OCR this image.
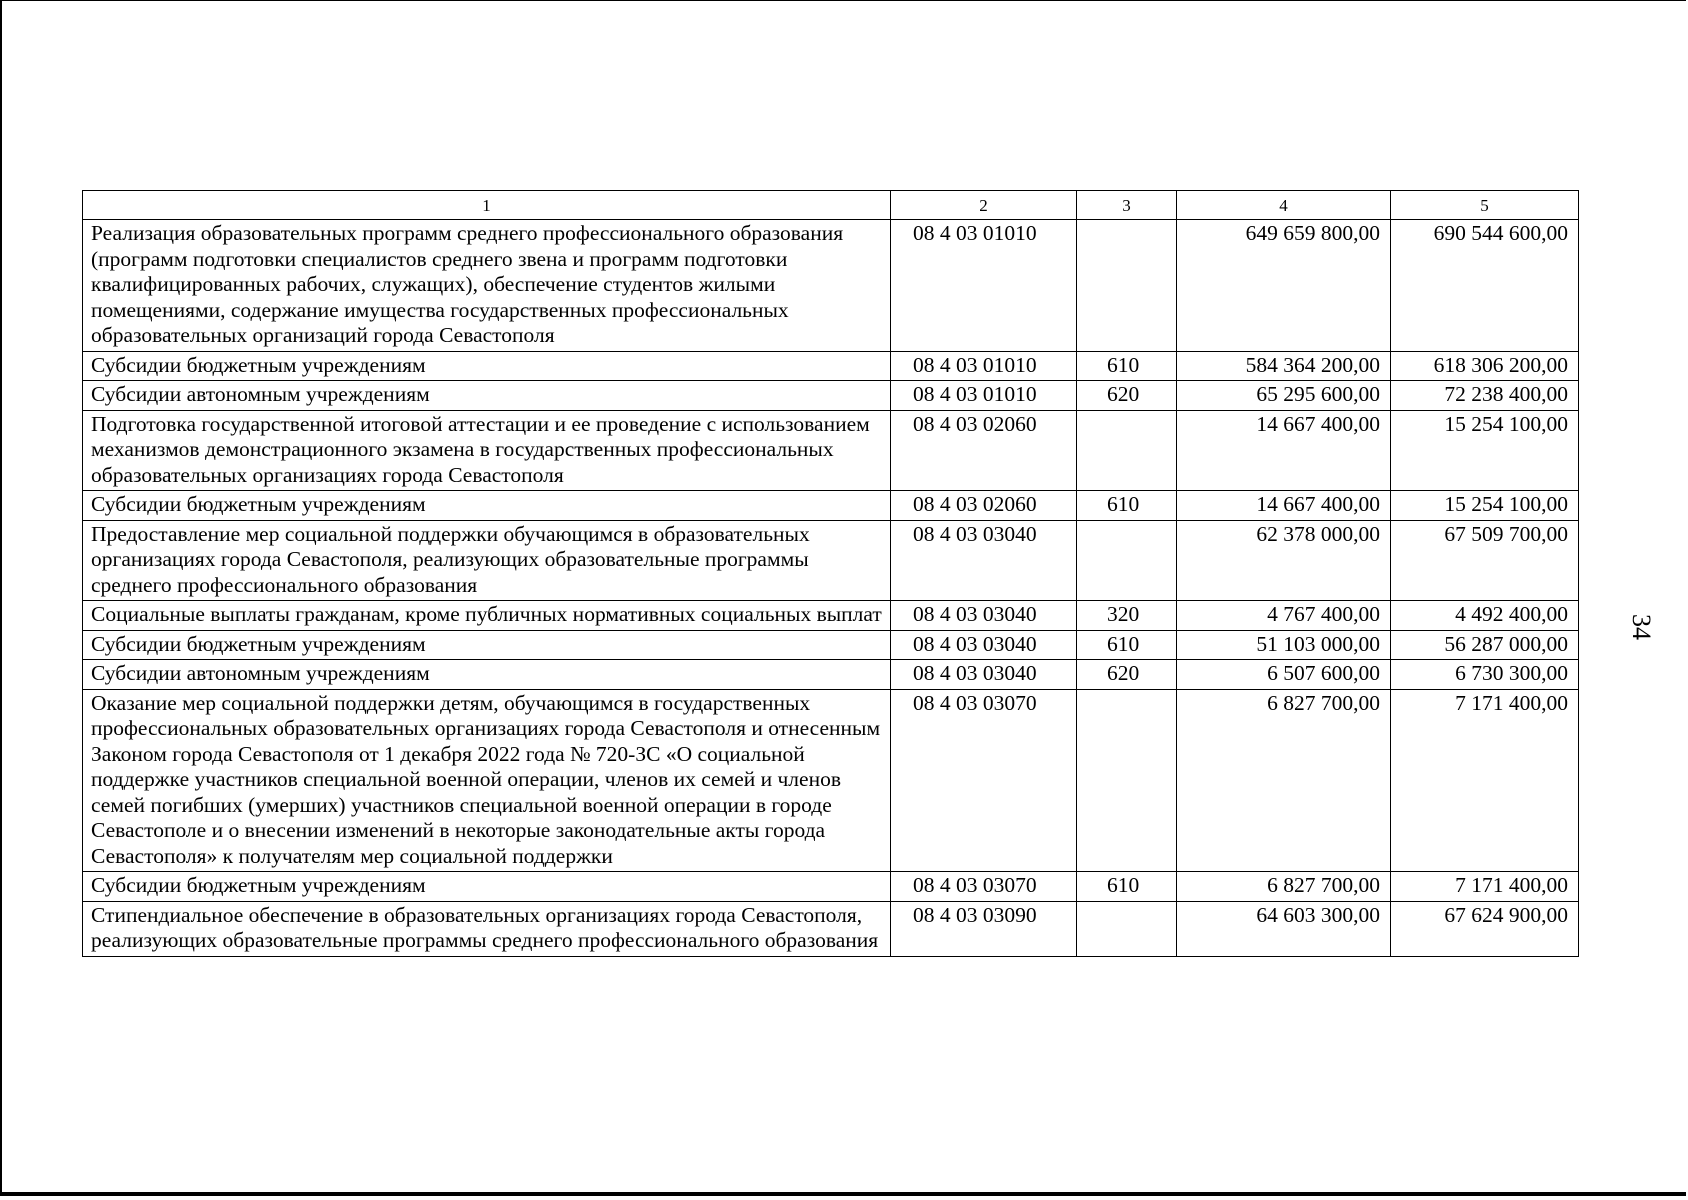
1	2	3	4	5
Реализация образовательных программ среднего профессионального образования (программ подготовки специалистов среднего звена и программ подготовки квалифицированных рабочих, служащих), обеспечение студентов жилыми помещениями, содержание имущества государственных профессиональных образовательных организаций города Севастополя	08 4 03 01010		649 659 800,00	690 544 600,00
Субсидии бюджетным учреждениям	08 4 03 01010	610	584 364 200,00	618 306 200,00
Субсидии автономным учреждениям	08 4 03 01010	620	65 295 600,00	72 238 400,00
Подготовка государственной итоговой аттестации и ее проведение с использованием механизмов демонстрационного экзамена в государственных профессиональных образовательных организациях города Севастополя	08 4 03 02060		14 667 400,00	15 254 100,00
Субсидии бюджетным учреждениям	08 4 03 02060	610	14 667 400,00	15 254 100,00
Предоставление мер социальной поддержки обучающимся в образовательных организациях города Севастополя, реализующих образовательные программы среднего профессионального образования	08 4 03 03040		62 378 000,00	67 509 700,00
Социальные выплаты гражданам, кроме публичных нормативных социальных выплат	08 4 03 03040	320	4 767 400,00	4 492 400,00
Субсидии бюджетным учреждениям	08 4 03 03040	610	51 103 000,00	56 287 000,00
Субсидии автономным учреждениям	08 4 03 03040	620	6 507 600,00	6 730 300,00
Оказание мер социальной поддержки детям, обучающимся в государственных профессиональных образовательных организациях города Севастополя и отнесенным Законом города Севастополя от 1 декабря 2022 года № 720-ЗС «О социальной поддержке участников специальной военной операции, членов их семей и членов семей погибших (умерших) участников специальной военной операции в городе Севастополе и о внесении изменений в некоторые законодательные акты города Севастополя» к получателям мер социальной поддержки	08 4 03 03070		6 827 700,00	7 171 400,00
Субсидии бюджетным учреждениям	08 4 03 03070	610	6 827 700,00	7 171 400,00
Стипендиальное обеспечение в образовательных организациях города Севастополя, реализующих образовательные программы среднего профессионального образования	08 4 03 03090		64 603 300,00	67 624 900,00
34
